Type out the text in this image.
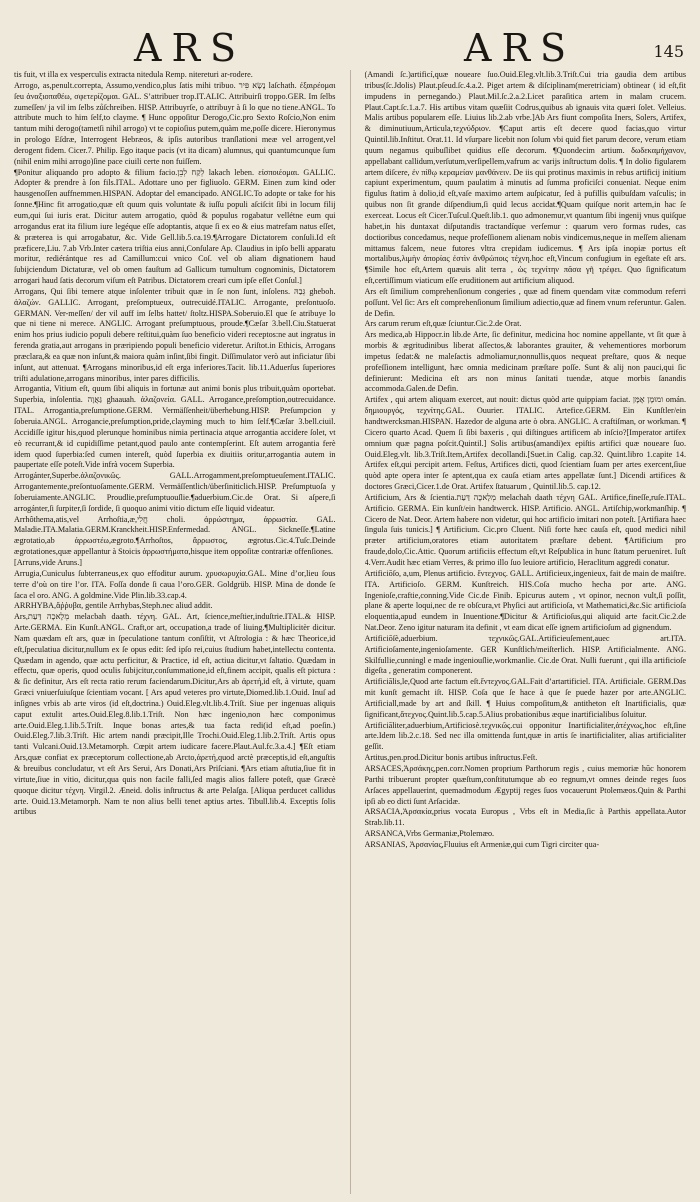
ARS	ARS	145

tis fuit, vt illa ex vesperculis extracta nitedula Remp. nitereturi ar-rodere.

Arrogo, as,penult.correpta, Assumo,vendico,plus ſatis mihi tribuo. ‏נָשָׂא פִּיר‎ laſchath. ‏ἐξαιρέομαι‎ ſeu ‏ἀναξιοπαθέω, σφετερίζομαι‎. GAL. S’attribuer trop.IT.ALIC. Attribuirſi troppo.GER. Im ſelbs zumeſſen/ ja vil im ſelbs zůſchreiben. HISP. Attribuyrſe, o attribuyr à ſi lo que no tiene.ANGL. To attribute much to him ſelf,to clayme. ¶ Hunc oppoſitur Derogo,Cic.pro Sexto Roſcio,Non enim tantum mihi derogo(tametſi nihil arrogo) vt te copioſius putem,quàm me,poſſe dicere. Hieronymus in prologo Eſdræ, Interrogent Hebræos, & ipſis autoribus tranſlationi meæ vel arrogent,vel derogent fidem. Cicer.7. Philip. Ego itaque pacis (vt ita dicam) alumnus, qui quantumcunque ſum (nihil enim mihi arrogo)ſine pace ciuili certe non fuiſſem.

¶Ponitur aliquando pro adopto & filium facio.‏לְקַח לְבֵן‎ lakach leben. ‏εἰσποιέομαι‎. GALLIC. Adopter & prendre à ſon fils.ITAL. Adottare uno per figliuolo. GERM. Einen zum kind oder hausgenoſſen auffnemmen.HISPAN. Adoptar del emancipado. ANGLIC.To adopte or take for his ſonne.¶Hinc fit arrogatio,quæ eſt quum quis voluntate & iuſſu populi aſciſcit ſibi in locum filij eum,qui ſui iuris erat. Dicitur autem arrogatio, quòd & populus rogabatur vellétne eum qui arrogandus erat ita filium iure legéque eſſe adoptantis, atque ſi ex eo & eius matrefam natus eſſet, & præterea is qui arrogabatur, &c. Vide Gell.lib.5.ca.19.¶Arrogare Dictatorem conſuli.Id eſt præficere,Liu. 7.ab Vrb.Inter cætera triſtia eius anni,Conſulare Ap. Claudius in ipſo belli apparatu moritur, rediérántque res ad Camillum:cui vnico Coſ. vel ob aliam dignationem haud ſubijciendum Dictaturæ, vel ob omen fauſtum ad Gallicum tumultum cognominis, Dictatorem arrogari haud ſatis decorum viſum eſt Patribus. Dictatorem creari cum ipſe eſſet Conſul.]

Arrogans, Qui ſibi temere atque inſolenter tribuit quæ in ſe non ſunt, inſolens. ‏גְּבַהּ‎ gheboh. ‏ἀλαζών‎. GALLIC. Arrogant, preſomptueux, outrecuidé.ITALIC. Arrogante, preſontuoſo. GERMAN. Ver-meſſen/ der vil auff im ſelbs hattet/ ſtoltz.HISPA.Soberuio.El que ſe atribuye lo que ni tiene ni merece. ANGLIC. Arrogant preſumptuous, proude.¶Cæſar 3.bell.Ciu.Statuerat enim hos prius iudicio populi debere reſtitui,quàm ſuo beneficio videri receptos:ne aut ingratus in ferenda gratia,aut arrogans in præripiendo populi beneficio videretur. Ariſtot.in Ethicis, Arrogans præclara,& ea quæ non inſunt,& maiora quàm inſint,ſibi fingit. Diſſimulator verò aut inficiatur ſibi inſunt, aut attenuat. ¶Arrogans minoribus,id eſt erga inferiores.Tacit. lib.11.Aduerſus ſuperiores triſti adulatione,arrogans minoribus, inter pares difficilis.

Arrogantia, Vitium eſt, quum ſibi aliquis in fortunæ aut animi bonis plus tribuit,quàm oportebat. Superbia, inſolentia. ‏גַּאֲוָה‎ ghaauah. ‏ἀλαζονεία‎. GALL. Arrogance,preſomption,outrecuidance. ITAL. Arrogantia,preſumptione.GERM. Vermäſſenheit/überhebung.HISP. Preſumpcion y ſoberuia.ANGL. Arrogancie,preſumption,pride,clayming much to him ſelf.¶Cæſar 3.bell.ciuil. Accidiſſe igitur his,quod plerunque hominibus nimia pertinacia atque arrogantia accidere ſolet, vt eò recurrant,& id cupidiſſime petant,quod paulo ante contempſerint. Eſt autem arrogantia ferè idem quod ſuperbia:ſed cumen intereſt, quòd ſuperbia ex diuitiis oritur,arrogantia autem in paupertate eſſe poteſt.Vide infrà vocem Superbia.

Arrogánter,Superbe.‏ἀλαζονικῶς‎. GALL.Arrogamment,preſomptueuſement.ITALIC. Arrogantemente,preſontuoſamente.GERM. Vermäſſentlich/überſiniticlich.HISP. Preſumptuoſa y ſoberuiamente.ANGLIC. Proudlie,preſumptuouſlie.¶aduerbium.Cic.de Orat. Si aſpere,ſi arrogánter,ſi ſurpiter,ſi ſordide, ſi quoquo animi vitio dictum eſſe liquid videatur.

Arrhôthema,atis,vel Arrhoſtia,æ,‏חֳלִי‎ choli. ‏ἀρρώστημα, ἀρρωστία‎. GAL. Maladie.ITA.Malatia.GERM.Kranckheit.HISP.Enfermedad. ANGL. Sickneſſe.¶Latine ægrotatio,ab ‏ἀρρωστέω‎,ægroto.¶Arrhoſtos, ‏ἄρρωστος‎, ægrotus.Cic.4.Tuſc.Deinde ægrotationes,quæ appellantur à Stoicis ‏ἀρρωστήματα‎,hisque item oppoſitæ contrariæ offenſiones.

[Arruns,vide Aruns.]

Arrugia,Cuniculus ſubterraneus,ex quo effoditur aurum. ‏χρυσωρυχία‎.GAL. Mine d’or,lieu ſous terre d’où on tire l’or. ITA. Foſſa donde ſi caua l’oro.GER. Goldgrüb. HISP. Mina de donde ſe ſaca el oro. ANG. A goldmine.Vide Plin.lib.33.cap.4.

ARRHYBA,‏ἄῤῥυβα‎, gentile Arrhybas,Steph.nec aliud addit.

Ars,‏מְלָאכָה דַּעַת‎ melacbah daath. ‏τέχνη‎. GAL. Art, ſcience,meſtier,induſtrie.ITAL.& HISP. Arte.GERMA. Ein Kunſt.ANGL. Craft,or art, occupation,a trade of liuing.¶Multiplicitèr dicitur. Nam quædam eſt ars, quæ in ſpeculatione tantum conſiſtit, vt Aſtrologia : & hæc Theorice,id eſt,ſpeculatiua dicitur,nullum ex ſe opus edit: ſed ipſo rei,cuius ſtudium habet,intellectu contenta. Quædam in agendo, quæ actu perficitur, & Practice, id eſt, actiua dicitur,vt ſaltatio. Quædam in effectu, quæ operis, quod oculis ſubijcitur,conſummatione,id eſt,finem accipit, qualis eſt pictura : & ſic definitur, Ars eſt recta ratio rerum faciendarum.Dicitur,Ars ab ‏ἀρετή‎,id eſt, à virtute, quam Græci vniuerſuiuſque ſcientiam vocant. [ Ars apud veteres pro virtute,Diomed.lib.1.Ouid. Inuſ ad inſignes vrbis ab arte viros (id eſt,doctrina.) Ouid.Eleg.vlt.lib.4.Triſt. Siue per ingenuas aliquis caput extulit artes.Ouid.Eleg.8.lib.1.Triſt. Non hæc ingenio,non hæc componimus arte.Ouid.Eleg.1.lib.5.Triſt. Inque bonas artes,& tua facta redi(id eſt,ad poeſin.) Ouid.Eleg.7.lib.3.Triſt. Hic artem nandi præcipit,Ille Trochi.Ouid.Eleg.1.lib.2.Triſt. Artis opus tanti Vulcani.Ouid.13.Metamorph. Cœpit artem iudicare facere.Plaut.Aul.fc.3.a.4.] ¶Eſt etiam Ars,quæ confiat ex præceptorum collectione,ab Arcto,‏ἀρετή‎,quod arctè præceptis,id eſt,anguſtis & breuibus concludatur, vt eſt Ars Serui, Ars Donati,Ars Priſciani. ¶Ars etiam aſtutia,ſiue fit in virtute,ſiue in vitio, dicitur,qua quis non facile falli,ſed magis alios fallere poteſt, quæ Græcè quoque dicitur ‏τέχνη‎. Virgil.2. Æneid. dolis inſtructus & arte Pelaſga. [Aliqua perducet callidus arte. Ouid.13.Metamorph. Nam te non alius belli tenet aptius artes. Tibull.lib.4. Exceptis ſolis artibus

(Amandi ſc.)artificí,quæ noueare ſuo.Ouid.Eleg.vlt.lib.3.Triſt.Cui tria gaudia dem artibus tribus(ſc.Jdolis) Plaut.pſeud.ſc.4.a.2. Piget artem & diſciplinam(meretriciam) obtinear ( id eſt,fit impudens in pernegando.) Plaut.Mil.ſc.2.a.2.Licet paraſitica artem in malam crucem. Plaut.Capt.ſc.1.a.7. His artibus vitam quæſiit Codrus,quibus ab ignauis vita quæri ſolet. Velleius. Malis artibus popularem eſſe. Liuius lib.2.ab vrbe.]Ab Ars fiunt compoſita Iners, Solers, Artifex, & diminutiuum,Articula,‏τεχνύδριον‎. ¶Caput artis eſt decere quod facias,quo virtur Quintil.lib.Inſtitut. Orat.11. Id vſurpare licebit non ſolum vbi quid fiet parum decore, verum etiam quum negamus quibuſlibet quidius eſſe decorum. ¶Quondecim artium. ‏δωδεκαμήχανον‎, appellabant callidum,verſutum,verſipellem,vafrum ac varijs inſtructum dolis. ¶ In dolio figularem artem diſcere, ‏ἐν πίθῳ κεραμείαν μανθάνειν‎. De iis qui protinus maximis in rebus artificij initium capiunt experimentum, quum paulatim à minutis ad ſumma proficiſci conueniat. Neque enim figulus ſtatim à dolio,id eſt,vaſe maximo artem auſpicatur, ſed à pufillis quibuſdam vaſculis; in quibus non ſit grande diſpendium,ſi quid lecus accidat.¶Quam quiſque norit artem,in hac ſe exerceat. Locus eſt Cicer.Tuſcul.Queſt.lib.1. quo admonemur,vt quantum ſibi ingenij vnus quiſque habet,in his duntaxat diſputandis tractandíque verſemur : quarum vero formas rudes, cas doctioribus concedamus, neque profeſſionem alienam nobis vindicemus,neque in meſſem alienam mittamus falcem, neue futores vltra crepidam iudicemus. ¶ Ars ipſa inopiæ portus eſt mortalibus,‏λιμὴν ἀπορίας ἐστὶν ἀνθρώποις τέχνη‎.hoc eſt,Vincum confugium in egeſtate eſt ars. ¶Simile hoc eſt,Artem quæuis alit terra , ‏ὡς τεχνίτην πᾶσα γῆ τρέφει‎. Quo ſignificatum eſt,certiſſimum viaticum eſſe eruditionem aut artificium aliquod.

Ars eſt ſimilium comprehenſionum congeries , quæ ad finem quendam vitæ commodum referri poſſunt. Vel ſic: Ars eſt comprehenſionum ſimilium adiectio,quæ ad finem vnum referuntur. Galen. de Defin.

Ars carum rerum eſt,quæ ſciuntur.Cic.2.de Orat.

Ars medica,ab Hippocr.in lib.de Arte, ſic definitur, medicina hoc nomine appellante, vt ſit quæ à morbis & ægritudinibus liberat aſſectos,& laborantes grauiter, & vehementiores morborum impetus ſedat:& ne maleſactis admoliamur,nonnullis,quos nequeat preſtare, quos & neque profeſſionem intelligunt, hæc omnia medicinam præſtare poſſe. Sunt & alij non pauci,qui ſic definierunt: Medicina eſt ars non minus ſanitati tuendæ, atque morbis ſanandis accommoda.Galen.de Defin.

Artifex , qui artem aliquam exercet, aut nouit: dictus quòd arte quippiam faciat. ‏אָמָּן‎ ומוּמָן omán. ‏δημιουργός, τεχνίτης‎.GAL. Ouurier. ITALIC. Artefice.GERM. Ein Kunſtler/ein handtwercksman.HISPAN. Hazedor de alguna arte ò obra. ANGLIC. A craftiſman, or workman. ¶ Cicero quarto Acad. Quem ſi ſibi baxeris , qui diſtingues artificem ab inſcio?[Imperator artifex omnium quæ pagna poſcit.Quintil.] Solis artibus(amandi)ex epiſtis artifici quæ noueare ſuo. Ouid.Eleg.vlt. lib.3.Triſt.Item,Artifex decollandi.[Suet.in Calig. cap.32. Quint.libro 1.capite 14. Artifex eſt,qui percipit artem. Feſtus, Artifices dicti, quod ſcientiam ſuam per artes exercent,ſiue quòd apte opera inter ſe aptent,qua ex cauſa etiam artes appellatæ ſunt.] Dicendi artifices & doctores Græci,Cicer.1.de Orat. Artifex ſtatuarum , Quintil.lib.5. cap.12.

Artificium, Ars & ſcientia.‏מְלָאכָה דַּעַת‎ melachah daath ‏τέχνη‎ GAL. Artifice,fineſſe,ruſe.ITAL. Artificio. GERMA. Ein kunſt/ein handtwerck. HISP. Artificio. ANGL. Artiſchip,workmanſhip. ¶ Cicero de Nat. Deor. Artem habere non videtur, qui hoc artificio imitari non poteſt. [Artifiara haec ſingula ſuis tunicis.] ¶ Artificium. Cic.pro Cluent. Niſi forte hæc cauſa eſt, quod medici nihil præter artificium,oratores etiam autoritatem præſtare debent. ¶Artificium pro fraude,dolo,Cic.Attic. Quorum artificiis effectum eſt,vt Reſpublica in hunc ſtatum perueniret. Iuſt 4.Verr.Audit hæc etiam Verres, & primo illo ſuo leuiore artificio, Heraclitum aggredi conatur.

Artificiōſo, a,um, Plenus artificio. ‏ἔντεχνος‎. GALL. Artificieux,ingenieux, fait de main de maiſtre. ITA. Artificioſo. GERM. Kunſtreich. HIS.Coſa mucho hecha por arte. ANG. Ingenioſe,craftie,conning.Vide Cic.de Finib. Epicurus autem , vt opinor, necnon vult,ſi poſſit, plane & aperte loqui,nec de re obſcura,vt Phyſici aut artificioſa, vt Mathematici,&c.Sic artificioſa eloquentia,apud eundem in Inuentione.¶Dicitur & Artificioſus,qui aliquid arte facit.Cic.2.de Nat.Deor. Zeno igitur naturam ita definit , vt eam dicat eſſe ignem artificioſum ad gignendum.

Artificiōſè,aduerbium. ‏τεχνικῶς‎.GAL.Artificieuſement,auec art.ITA. Artificioſamente,ingenioſamente. GER Kunſtlich/meiſterlich. HISP. Artificialmente. ANG. Skilfullie,cunningl e made ingeniouſlie,workmanlie. Cic.de Orat. Nulli fuerunt , qui illa artificioſe digeſta , generatim componerent.

Artificiālis,le,Quod arte factum eſt.‏ἔντεχνος‎.GAL.Fait d’artartificiel. ITA. Artificiale. GERM.Das mit kunſt gemacht iſt. HISP. Coſa que ſe hace à que ſe puede hazer por arte.ANGLIC. Artificiall,made by art and ſkill. ¶ Huius compoſitum,& antitheton eſt Inartificialis, quæ ſignificant,‏ἄτεχνος‎.Quint.lib.5.cap.5.Alius probationibus æque inartificialibus ſoluitur.

Artificiāliter,aduerbium,Artificiosè.‏τεχνικῶς‎.cui opponitur Inartificialiter,‏ἀτέχνως‎,hoc eſt,ſine arte.Idem lib.2.c.18. Sed nec illa omittenda ſunt,quæ in artis ſe inartificialiter, alias artificialiter geſſit.

Artitus,pen.prod.Dicitur bonis artibus inſtructus.Feſt.

ARSACES,‏Ἀρσάκης‎,pen.corr.Nomen proprium Parthorum regis , cuius memoriæ hūc honorem Parthi tribuerunt propter quæſtum,conſtitutumque ab eo regnum,vt omnes deinde reges ſuos Arſaces appellauerint, quemadmodum Ægyptij reges ſuos vocauerunt Ptolemæos.Quin & Parthi ipſi ab eo dicti ſunt Arſacidæ.

ARSACIA,‏Ἀρσακία‎,prius vocata Europus , Vrbs eſt in Media,ſic à Parthis appellata.Autor Strab.lib.11.

ARSANCA,Vrbs Germaniæ,Ptolemæo.

ARSANIAS, ‏Ἀρσανίας‎,Fluuius eſt Armeniæ,qui cum Tigri circiter qua-
